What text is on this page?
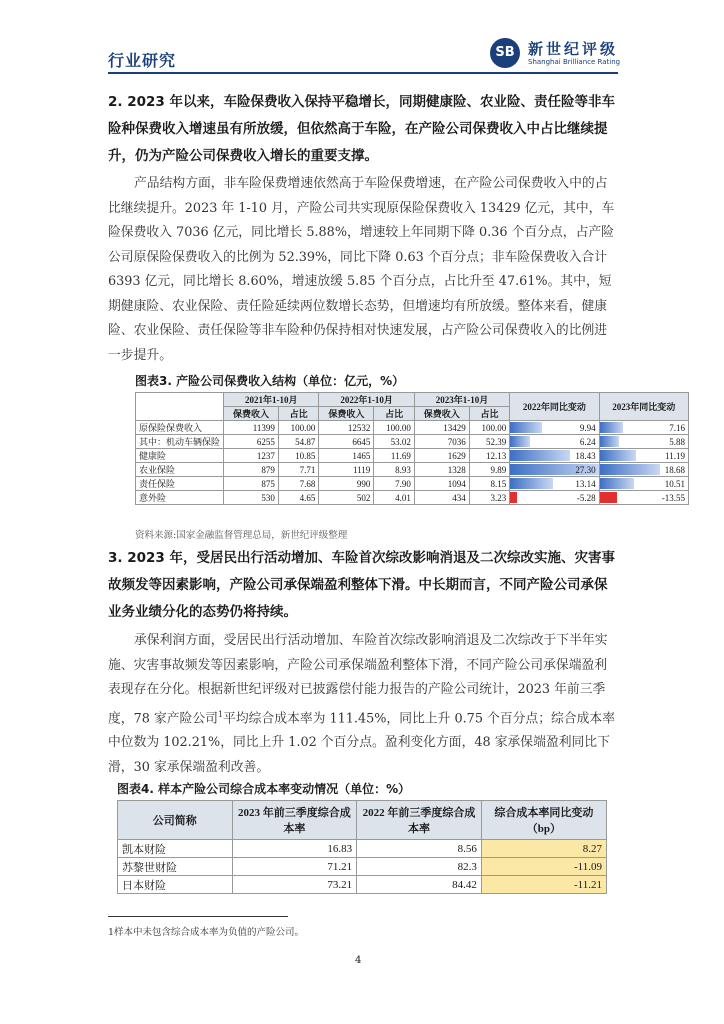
行业研究	SB 新世纪评级
Shanghai Brilliance Rating
2. 2023 年以来，车险保费收入保持平稳增长，同期健康险、农业险、责任险等非车险种保费收入增速虽有所放缓，但依然高于车险，在产险公司保费收入中占比继续提升，仍为产险公司保费收入增长的重要支撑。
产品结构方面，非车险保费增速依然高于车险保费增速，在产险公司保费收入中的占比继续提升。2023 年 1-10 月，产险公司共实现原保险保费收入 13429 亿元，其中，车险保费收入 7036 亿元，同比增长 5.88%，增速较上年同期下降 0.36 个百分点，占产险公司原保险保费收入的比例为 52.39%，同比下降 0.63 个百分点；非车险保费收入合计 6393 亿元，同比增长 8.60%，增速放缓 5.85 个百分点，占比升至 47.61%。其中，短期健康险、农业保险、责任险延续两位数增长态势，但增速均有所放缓。整体来看，健康险、农业保险、责任保险等非车险种仍保持相对快速发展，占产险公司保费收入的比例进一步提升。
图表3. 产险公司保费收入结构（单位：亿元，%）
	2021年1-10月		2022年1-10月		2023年1-10月		2022年同比变动	2023年同比变动
	保费收入	占比	保费收入	占比	保费收入	占比		
原保险保费收入	11399	100.00	12532	100.00	13429	100.00	9.94	7.16
其中：机动车辆保险	6255	54.87	6645	53.02	7036	52.39	6.24	5.88
健康险	1237	10.85	1465	11.69	1629	12.13	18.43	11.19
农业保险	879	7.71	1119	8.93	1328	9.89	27.30	18.68
责任保险	875	7.68	990	7.90	1094	8.15	13.14	10.51
意外险	530	4.65	502	4.01	434	3.23	-5.28	-13.55
资料来源:国家金融监督管理总局，新世纪评级整理
3. 2023 年，受居民出行活动增加、车险首次综改影响消退及二次综改实施、灾害事故频发等因素影响，产险公司承保端盈利整体下滑。中长期而言，不同产险公司承保业务业绩分化的态势仍将持续。
承保利润方面，受居民出行活动增加、车险首次综改影响消退及二次综改于下半年实施、灾害事故频发等因素影响，产险公司承保端盈利整体下滑，不同产险公司承保端盈利表现存在分化。根据新世纪评级对已披露偿付能力报告的产险公司统计，2023 年前三季度，78 家产险公司$^1$平均综合成本率为 111.45%，同比上升 0.75 个百分点；综合成本率中位数为 102.21%，同比上升 1.02 个百分点。盈利变化方面，48 家承保端盈利同比下滑，30 家承保端盈利改善。
图表4. 样本产险公司综合成本率变动情况（单位：%）
公司简称	2023 年前三季度综合成本率	2022 年前三季度综合成本率	综合成本率同比变动（bp）
凯本财险	16.83	8.56	8.27
苏黎世财险	71.21	82.3	-11.09
日本财险	73.21	84.42	-11.21
1样本中未包含综合成本率为负值的产险公司。
4
